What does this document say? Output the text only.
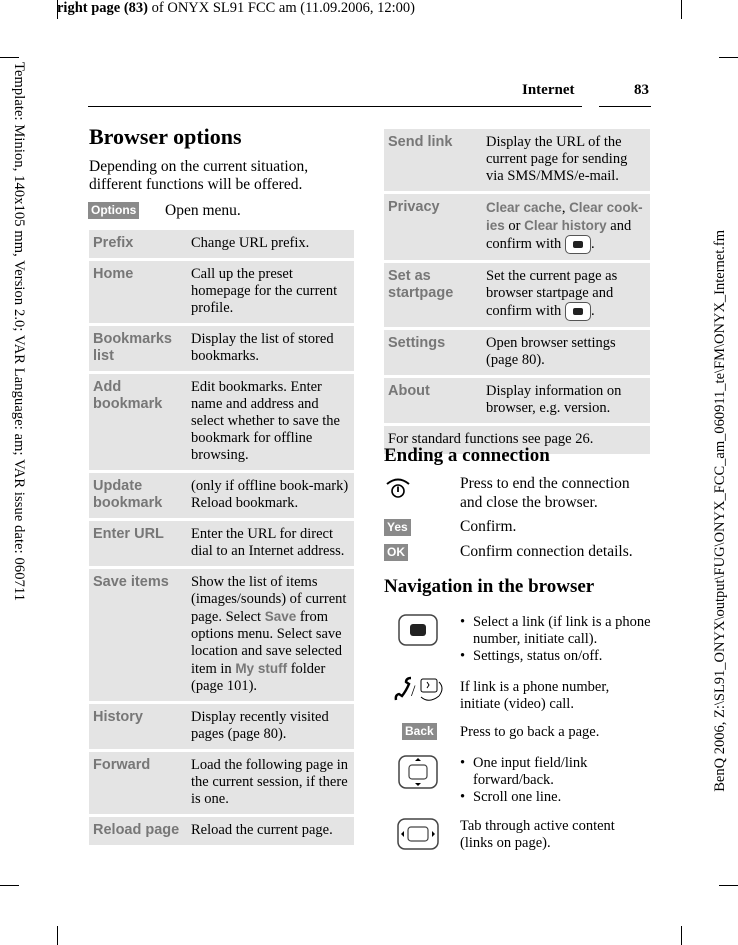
right page (83) of ONYX SL91 FCC am (11.09.2006, 12:00)
Template: Minion, 140x105 mm, Version 2.0; VAR Language: am; VAR issue date: 060711	BenQ 2006, Z:\SL91_ONYX\output\FUG\ONYX_FCC_am_060911_te\FM\ONYX_Internet.fm
Internet	83
Browser options
Depending on the current situation, different functions will be offered.
Options Open menu.
Prefix	Change URL prefix.
Home	Call up the preset homepage for the current profile.
Bookmarks list	Display the list of stored bookmarks.
Add bookmark	Edit bookmarks. Enter name and address and select whether to save the bookmark for offline browsing.
Update bookmark	(only if offline book-mark) Reload bookmark.
Enter URL	Enter the URL for direct dial to an Internet address.
Save items	Show the list of items (images/sounds) of current page. Select Save from options menu. Select save location and save selected item in My stuff folder (page 101).
History	Display recently visited pages (page 80).
Forward	Load the following page in the current session, if there is one.
Reload page	Reload the current page.
Send link	Display the URL of the current page for sending via SMS/MMS/e-mail.
Privacy	Clear cache, Clear cook-ies or Clear history and confirm with .
Set as startpage	Set the current page as browser startpage and confirm with .
Settings	Open browser settings (page 80).
About	Display information on browser, e.g. version.
For standard functions see page 26.	
Ending a connection
Press to end the connection and close the browser.
Yes	Confirm.
OK	Confirm connection details.
Navigation in the browser
• Select a link (if link is a phone number, initiate call).
• Settings, status on/off.
/	If link is a phone number, initiate (video) call.
Back Press to go back a page.
• One input field/link forward/back.
• Scroll one line.
Tab through active content (links on page).
